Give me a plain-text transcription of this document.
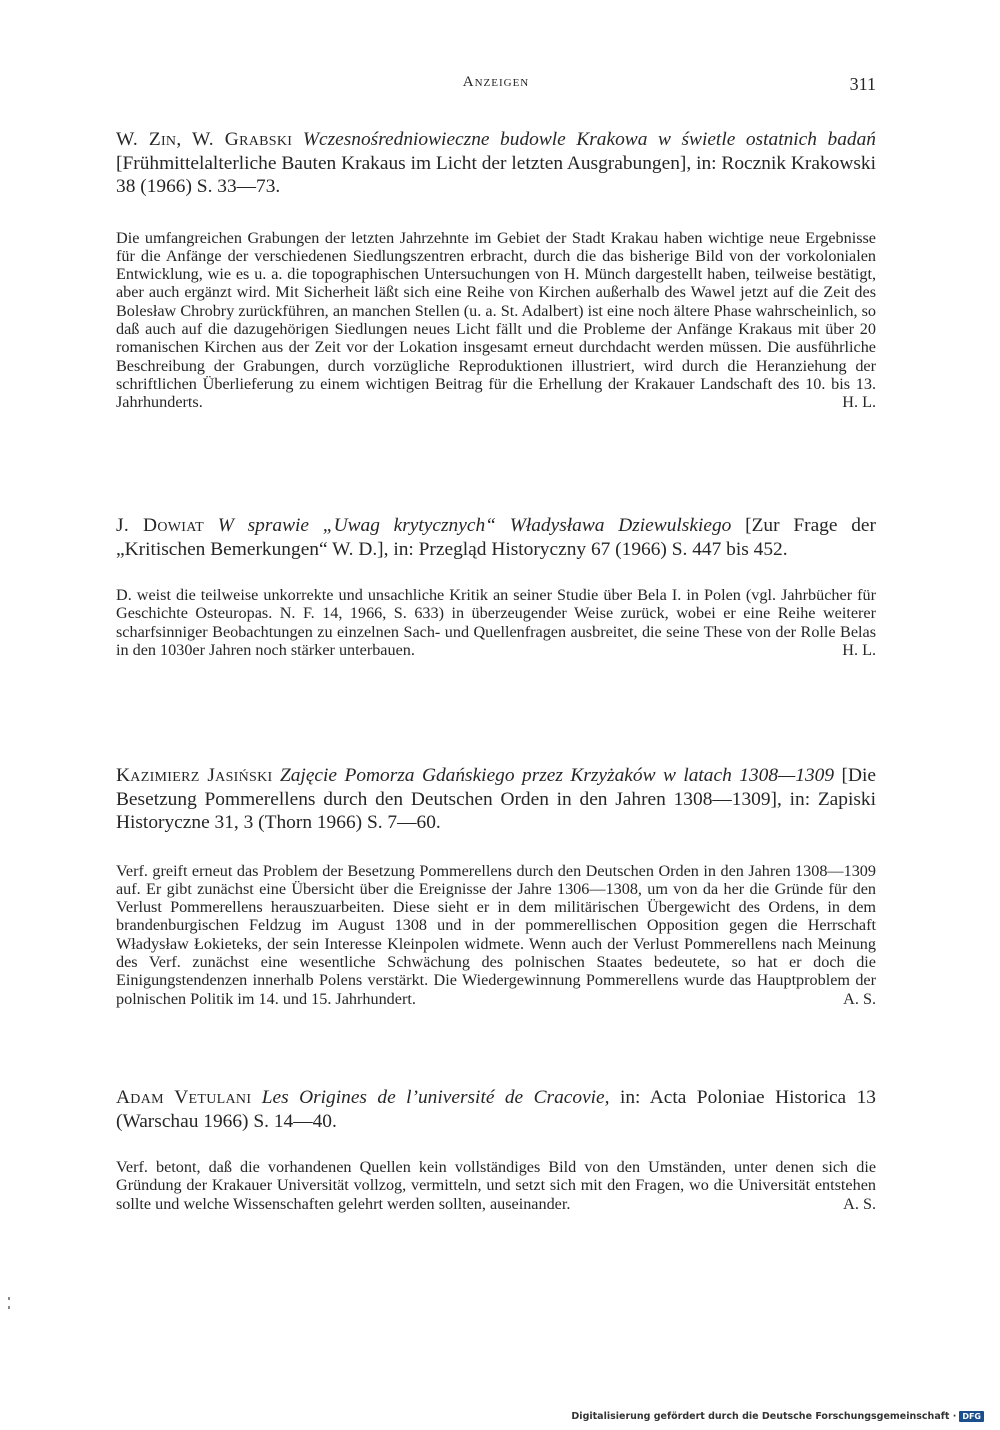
Anzeigen	311

W. Zin, W. Grabski Wczesnośredniowieczne budowle Krakowa w świetle ostatnich badań [Frühmittelalterliche Bauten Krakaus im Licht der letzten Ausgrabungen], in: Rocznik Krakowski 38 (1966) S. 33—73.

Die umfangreichen Grabungen der letzten Jahrzehnte im Gebiet der Stadt Krakau haben wichtige neue Ergebnisse für die Anfänge der verschiedenen Siedlungszentren erbracht, durch die das bisherige Bild von der vorkolonialen Entwicklung, wie es u. a. die topographischen Untersuchungen von H. Münch dargestellt haben, teilweise bestätigt, aber auch ergänzt wird. Mit Sicherheit läßt sich eine Reihe von Kirchen außerhalb des Wawel jetzt auf die Zeit des Bolesław Chrobry zurückführen, an manchen Stellen (u. a. St. Adalbert) ist eine noch ältere Phase wahrscheinlich, so daß auch auf die dazugehörigen Siedlungen neues Licht fällt und die Probleme der Anfänge Krakaus mit über 20 romanischen Kirchen aus der Zeit vor der Lokation insgesamt erneut durchdacht werden müssen. Die ausführliche Beschreibung der Grabungen, durch vorzügliche Reproduktionen illustriert, wird durch die Heranziehung der schriftlichen Überlieferung zu einem wichtigen Beitrag für die Erhellung der Krakauer Landschaft des 10. bis 13. Jahrhunderts.	H. L.

J. Dowiat W sprawie „Uwag krytycznych“ Władysława Dziewulskiego [Zur Frage der „Kritischen Bemerkungen“ W. D.], in: Przegląd Historyczny 67 (1966) S. 447 bis 452.

D. weist die teilweise unkorrekte und unsachliche Kritik an seiner Studie über Bela I. in Polen (vgl. Jahrbücher für Geschichte Osteuropas. N. F. 14, 1966, S. 633) in überzeugender Weise zurück, wobei er eine Reihe weiterer scharfsinniger Beobachtungen zu einzelnen Sach- und Quellenfragen ausbreitet, die seine These von der Rolle Belas in den 1030er Jahren noch stärker unterbauen.	H. L.

Kazimierz Jasiński Zajęcie Pomorza Gdańskiego przez Krzyżaków w latach 1308—1309 [Die Besetzung Pommerellens durch den Deutschen Orden in den Jahren 1308—1309], in: Zapiski Historyczne 31, 3 (Thorn 1966) S. 7—60.

Verf. greift erneut das Problem der Besetzung Pommerellens durch den Deutschen Orden in den Jahren 1308—1309 auf. Er gibt zunächst eine Übersicht über die Ereignisse der Jahre 1306—1308, um von da her die Gründe für den Verlust Pommerellens herauszuarbeiten. Diese sieht er in dem militärischen Übergewicht des Ordens, in dem brandenburgischen Feldzug im August 1308 und in der pommerellischen Opposition gegen die Herrschaft Władysław Łokieteks, der sein Interesse Kleinpolen widmete. Wenn auch der Verlust Pommerellens nach Meinung des Verf. zunächst eine wesentliche Schwächung des polnischen Staates bedeutete, so hat er doch die Einigungstendenzen innerhalb Polens verstärkt. Die Wiedergewinnung Pommerellens wurde das Hauptproblem der polnischen Politik im 14. und 15. Jahrhundert.	A. S.

Adam Vetulani Les Origines de l’université de Cracovie, in: Acta Poloniae Historica 13 (Warschau 1966) S. 14—40.

Verf. betont, daß die vorhandenen Quellen kein vollständiges Bild von den Umständen, unter denen sich die Gründung der Krakauer Universität vollzog, vermitteln, und setzt sich mit den Fragen, wo die Universität entstehen sollte und welche Wissenschaften gelehrt werden sollten, auseinander.	A. S.

Digitalisierung gefördert durch die Deutsche Forschungsgemeinschaft · DFG
